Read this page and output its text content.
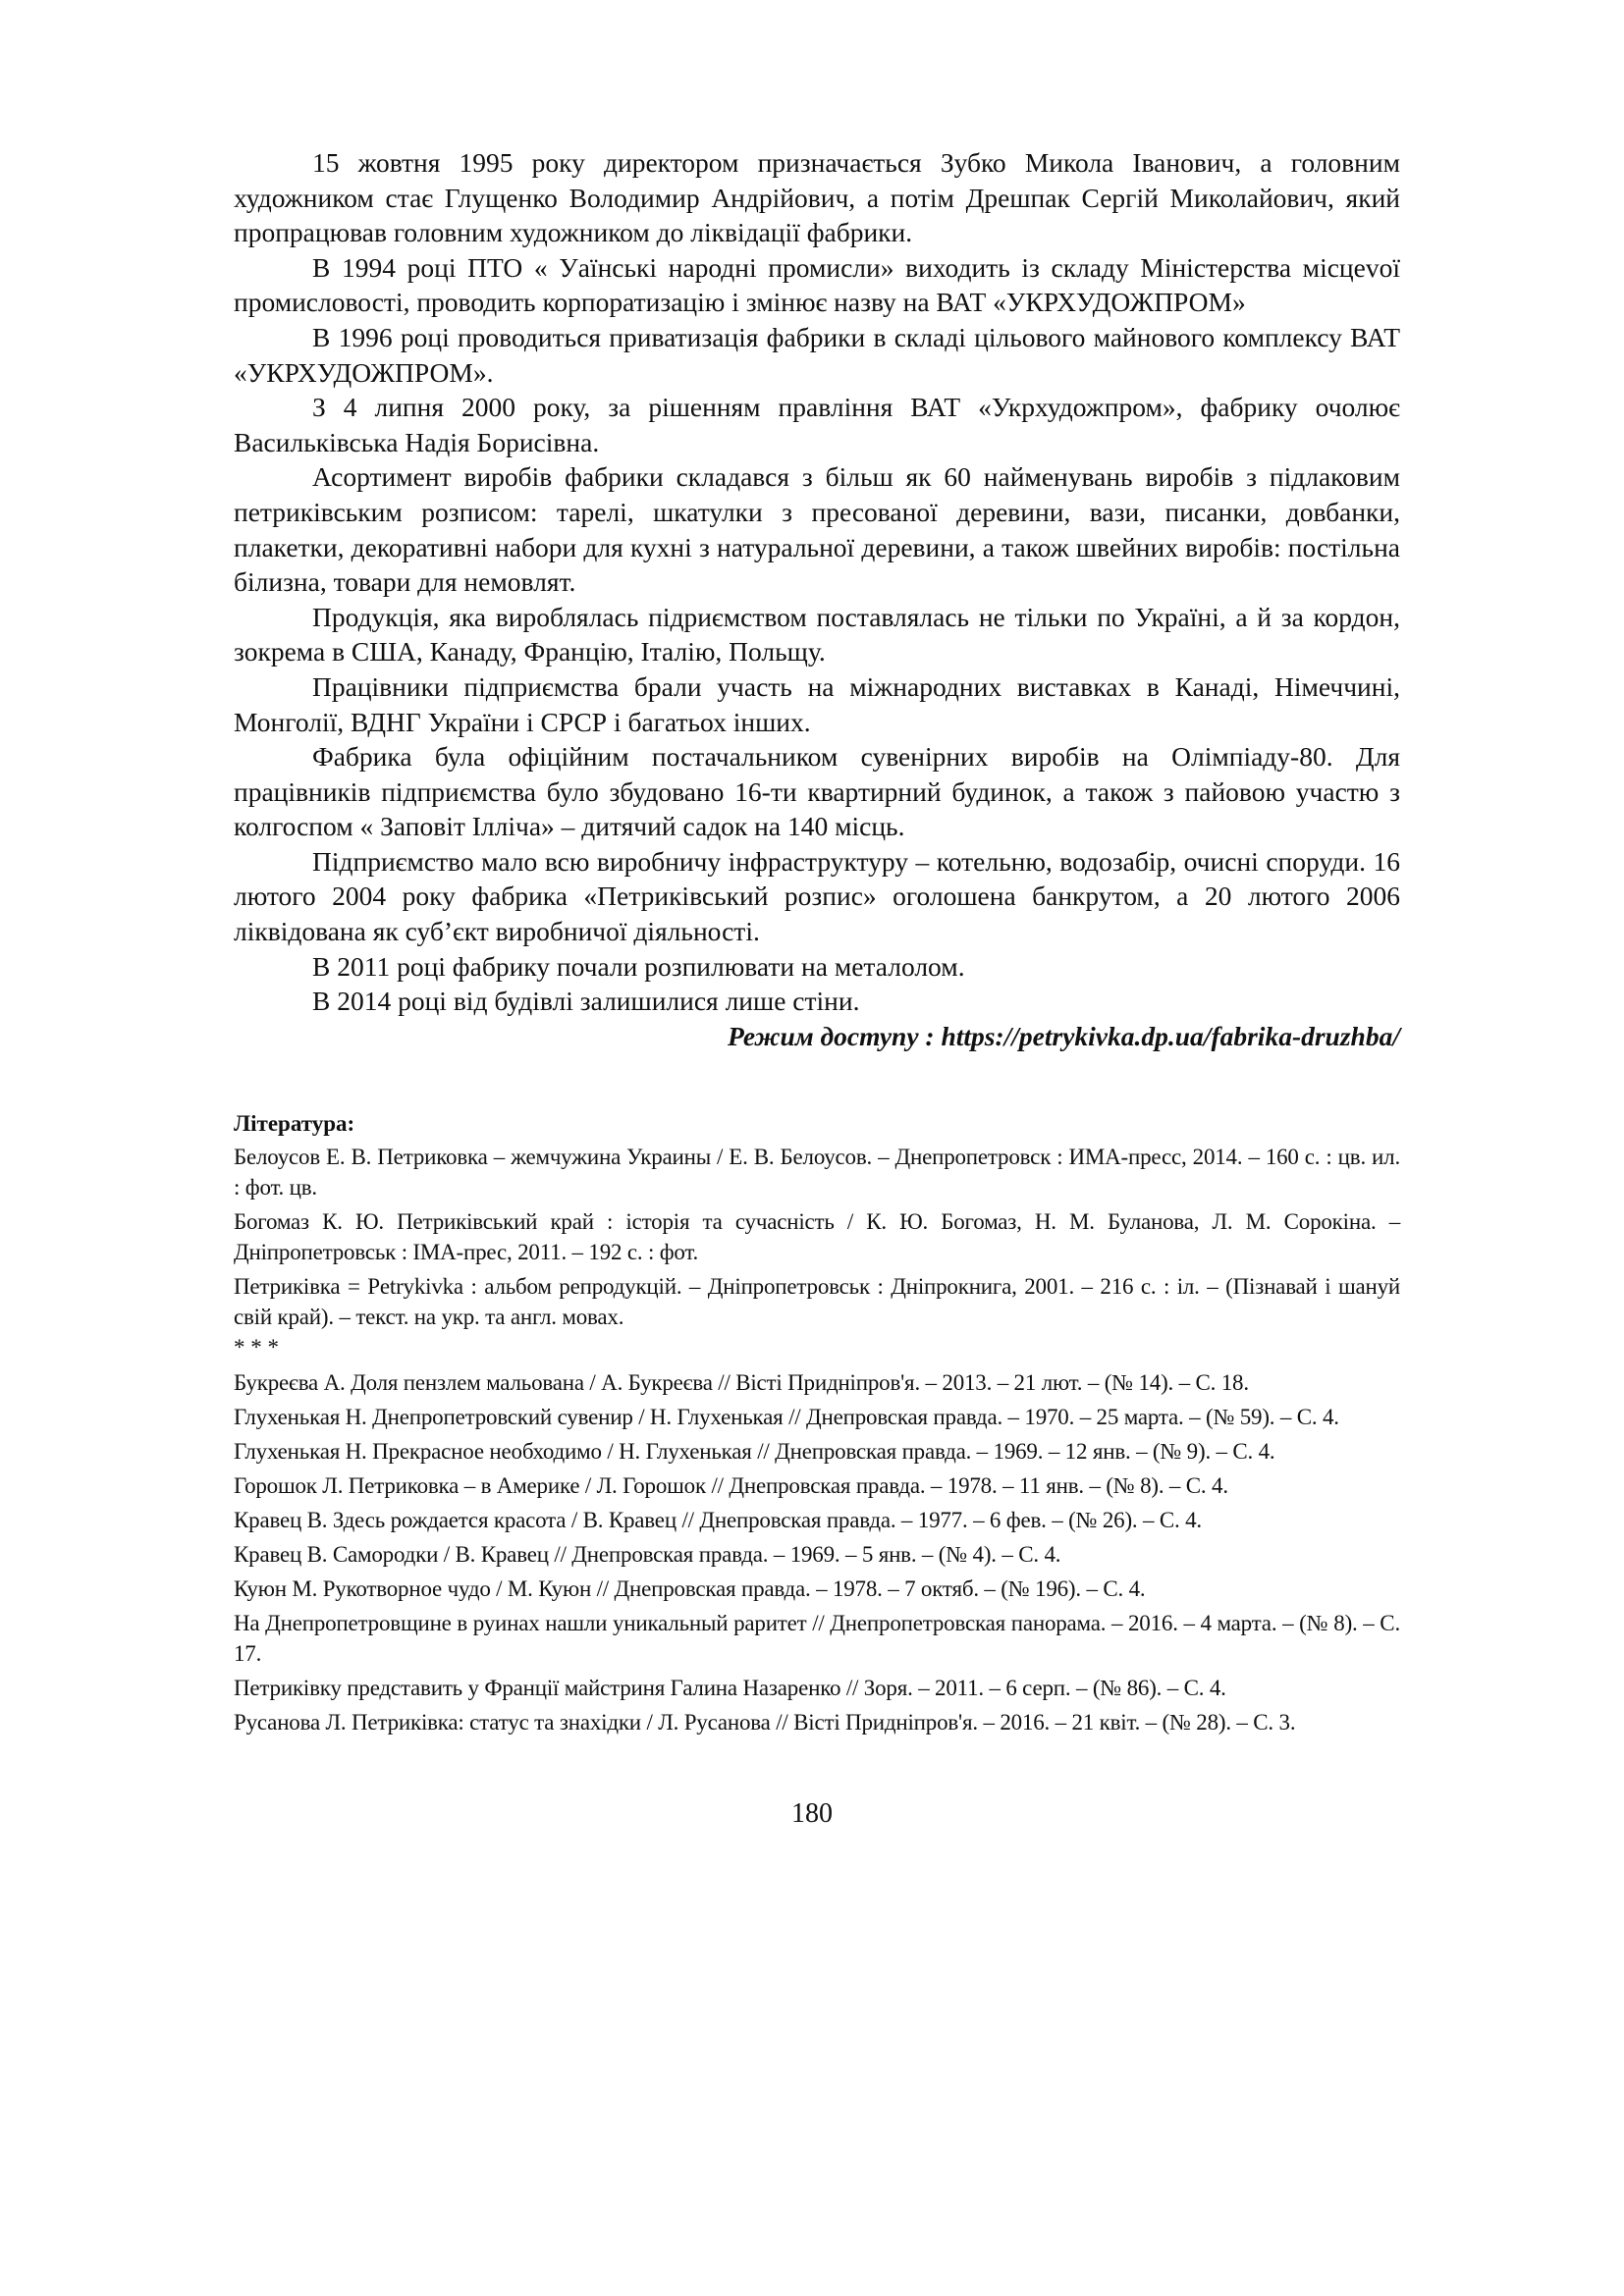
15 жовтня 1995 року директором призначається Зубко Микола Іванович, а головним художником стає Глущенко Володимир Андрійович, а потім Дрешпак Сергій Миколайович, який пропрацював головним художником до ліквідації фабрики.

В 1994 році ПТО « Уаїнські народні промисли» виходить із складу Міністерства місцеvої промисловості, проводить корпоратизацію і змінює назву на ВАТ «УКРХУДОЖПРОМ»

В 1996 році проводиться приватизація фабрики в складі цільового майнового комплексу ВАТ «УКРХУДОЖПРОМ».

З 4 липня 2000 року, за рішенням правління ВАТ «Укрхудожпром», фабрику очолює Васильківська Надія Борисівна.

Асортимент виробів фабрики складався з більш як 60 найменувань виробів з підлаковим петриківським розписом: тарелі, шкатулки з пресованої деревини, вази, писанки, довбанки, плакетки, декоративні набори для кухні з натуральної деревини, а також швейних виробів: постільна білизна, товари для немовлят.

Продукція, яка вироблялась підриємством поставлялась не тільки по Україні, а й за кордон, зокрема в США, Канаду, Францію, Італію, Польщу.

Працівники підприємства брали участь на міжнародних виставках в Канаді, Німеччині, Монголії, ВДНГ України і СРСР і багатьох інших.

Фабрика була офіційним постачальником сувенірних виробів на Олімпіаду-80. Для працівників підприємства було збудовано 16-ти квартирний будинок, а також з пайовою участю з колгоспом « Заповіт Ілліча» – дитячий садок на 140 місць.

Підприємство мало всю виробничу інфраструктуру – котельню, водозабір, очисні споруди. 16 лютого 2004 року фабрика «Петриківський розпис» оголошена банкрутом, а 20 лютого 2006 ліквідована як суб’єкт виробничої діяльності.

В 2011 році фабрику почали розпилювати на металолом.

В 2014 році від будівлі залишилися лише стіни.

Режим доступу : https://petrykivka.dp.ua/fabrika-druzhba/

Література:
Белоусов Е. В. Петриковка – жемчужина Украины / Е. В. Белоусов. – Днепропетровск : ИМА-пресс, 2014. – 160 с. : цв. ил. : фот. цв.
Богомаз К. Ю. Петриківський край : історія та сучасність / К. Ю. Богомаз, Н. М. Буланова, Л. М. Сорокіна. – Дніпропетровськ : ІМА-прес, 2011. – 192 с. : фот.
Петриківка = Petrykivka : альбом репродукцій. – Дніпропетровськ : Дніпрокнига, 2001. – 216 с. : іл. – (Пізнавай і шануй свій край). – текст. на укр. та англ. мовах.
* * *
Букреєва А. Доля пензлем мальована / А. Букреєва // Вісті Придніпров'я. – 2013. – 21 лют. – (№ 14). – С. 18.
Глухенькая Н. Днепропетровский сувенир / Н. Глухенькая // Днепровская правда. – 1970. – 25 марта. – (№ 59). – С. 4.
Глухенькая Н. Прекрасное необходимо / Н. Глухенькая // Днепровская правда. – 1969. – 12 янв. – (№ 9). – С. 4.
Горошок Л. Петриковка – в Америке / Л. Горошок // Днепровская правда. – 1978. – 11 янв. – (№ 8). – С. 4.
Кравец В. Здесь рождается красота / В. Кравец // Днепровская правда. – 1977. – 6 фев. – (№ 26). – С. 4.
Кравец В. Самородки / В. Кравец // Днепровская правда. – 1969. – 5 янв. – (№ 4). – С. 4.
Куюн М. Рукотворное чудо / М. Куюн // Днепровская правда. – 1978. – 7 октяб. – (№ 196). – С. 4.
На Днепропетровщине в руинах нашли уникальный раритет // Днепропетровская панорама. – 2016. – 4 марта. – (№ 8). – С. 17.
Петриківку представить у Франції майстриня Галина Назаренко // Зоря. – 2011. – 6 серп. – (№ 86). – С. 4.
Русанова Л. Петриківка: статус та знахідки / Л. Русанова // Вісті Придніпров'я. – 2016. – 21 квіт. – (№ 28). – С. 3.
180
